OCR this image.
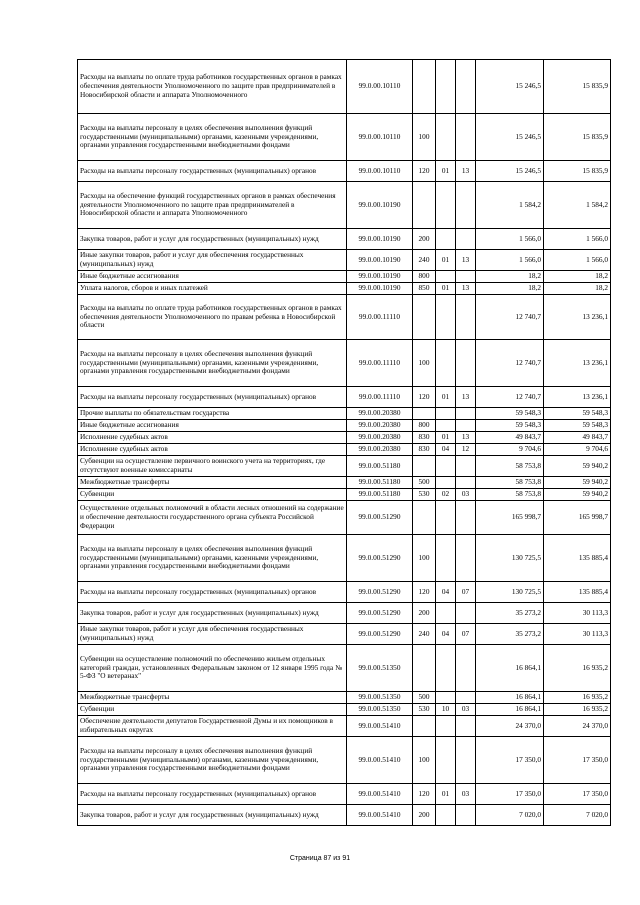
Расходы на выплаты по оплате труда работников государственных органов в рамках обеспечения деятельности Уполномоченного по защите прав предпринимателей в Новосибирской области и аппарата Уполномоченного	99.0.00.10110				15 246,5	15 835,9
Расходы на выплаты персоналу в целях обеспечения выполнения функций государственными (муниципальными) органами, казенными учреждениями, органами управления государственными внебюджетными фондами	99.0.00.10110	100			15 246,5	15 835,9
Расходы на выплаты персоналу государственных (муниципальных) органов	99.0.00.10110	120	01	13	15 246,5	15 835,9
Расходы на обеспечение функций государственных органов в рамках обеспечения деятельности Уполномоченного по защите прав предпринимателей в Новосибирской области и аппарата Уполномоченного	99.0.00.10190				1 584,2	1 584,2
Закупка товаров, работ и услуг для государственных (муниципальных) нужд	99.0.00.10190	200			1 566,0	1 566,0
Иные закупки товаров, работ и услуг для обеспечения государственных (муниципальных) нужд	99.0.00.10190	240	01	13	1 566,0	1 566,0
Иные бюджетные ассигнования	99.0.00.10190	800			18,2	18,2
Уплата налогов, сборов и иных платежей	99.0.00.10190	850	01	13	18,2	18,2
Расходы на выплаты по оплате труда работников государственных органов в рамках обеспечения деятельности Уполномоченного по правам ребенка в Новосибирской области	99.0.00.11110				12 740,7	13 236,1
Расходы на выплаты персоналу в целях обеспечения выполнения функций государственными (муниципальными) органами, казенными учреждениями, органами управления государственными внебюджетными фондами	99.0.00.11110	100			12 740,7	13 236,1
Расходы на выплаты персоналу государственных (муниципальных) органов	99.0.00.11110	120	01	13	12 740,7	13 236,1
Прочие выплаты по обязательствам государства	99.0.00.20380				59 548,3	59 548,3
Иные бюджетные ассигнования	99.0.00.20380	800			59 548,3	59 548,3
Исполнение судебных актов	99.0.00.20380	830	01	13	49 843,7	49 843,7
Исполнение судебных актов	99.0.00.20380	830	04	12	9 704,6	9 704,6
Субвенции на осуществление первичного воинского учета на территориях, где отсутствуют военные комиссариаты	99.0.00.51180				58 753,8	59 940,2
Межбюджетные трансферты	99.0.00.51180	500			58 753,8	59 940,2
Субвенции	99.0.00.51180	530	02	03	58 753,8	59 940,2
Осуществление отдельных полномочий в области лесных отношений на содержание и обеспечение деятельности государственного органа субъекта Российской Федерации	99.0.00.51290				165 998,7	165 998,7
Расходы на выплаты персоналу в целях обеспечения выполнения функций государственными (муниципальными) органами, казенными учреждениями, органами управления государственными внебюджетными фондами	99.0.00.51290	100			130 725,5	135 885,4
Расходы на выплаты персоналу государственных (муниципальных) органов	99.0.00.51290	120	04	07	130 725,5	135 885,4
Закупка товаров, работ и услуг для государственных (муниципальных) нужд	99.0.00.51290	200			35 273,2	30 113,3
Иные закупки товаров, работ и услуг для обеспечения государственных (муниципальных) нужд	99.0.00.51290	240	04	07	35 273,2	30 113,3
Субвенции на осуществление полномочий по обеспечению жильем отдельных категорий граждан, установленных Федеральным законом от 12 января 1995 года № 5-ФЗ "О ветеранах"	99.0.00.51350				16 864,1	16 935,2
Межбюджетные трансферты	99.0.00.51350	500			16 864,1	16 935,2
Субвенции	99.0.00.51350	530	10	03	16 864,1	16 935,2
Обеспечение деятельности депутатов Государственной Думы и их помощников в избирательных округах	99.0.00.51410				24 370,0	24 370,0
Расходы на выплаты персоналу в целях обеспечения выполнения функций государственными (муниципальными) органами, казенными учреждениями, органами управления государственными внебюджетными фондами	99.0.00.51410	100			17 350,0	17 350,0
Расходы на выплаты персоналу государственных (муниципальных) органов	99.0.00.51410	120	01	03	17 350,0	17 350,0
Закупка товаров, работ и услуг для государственных (муниципальных) нужд	99.0.00.51410	200			7 020,0	7 020,0
Страница 87 из 91
